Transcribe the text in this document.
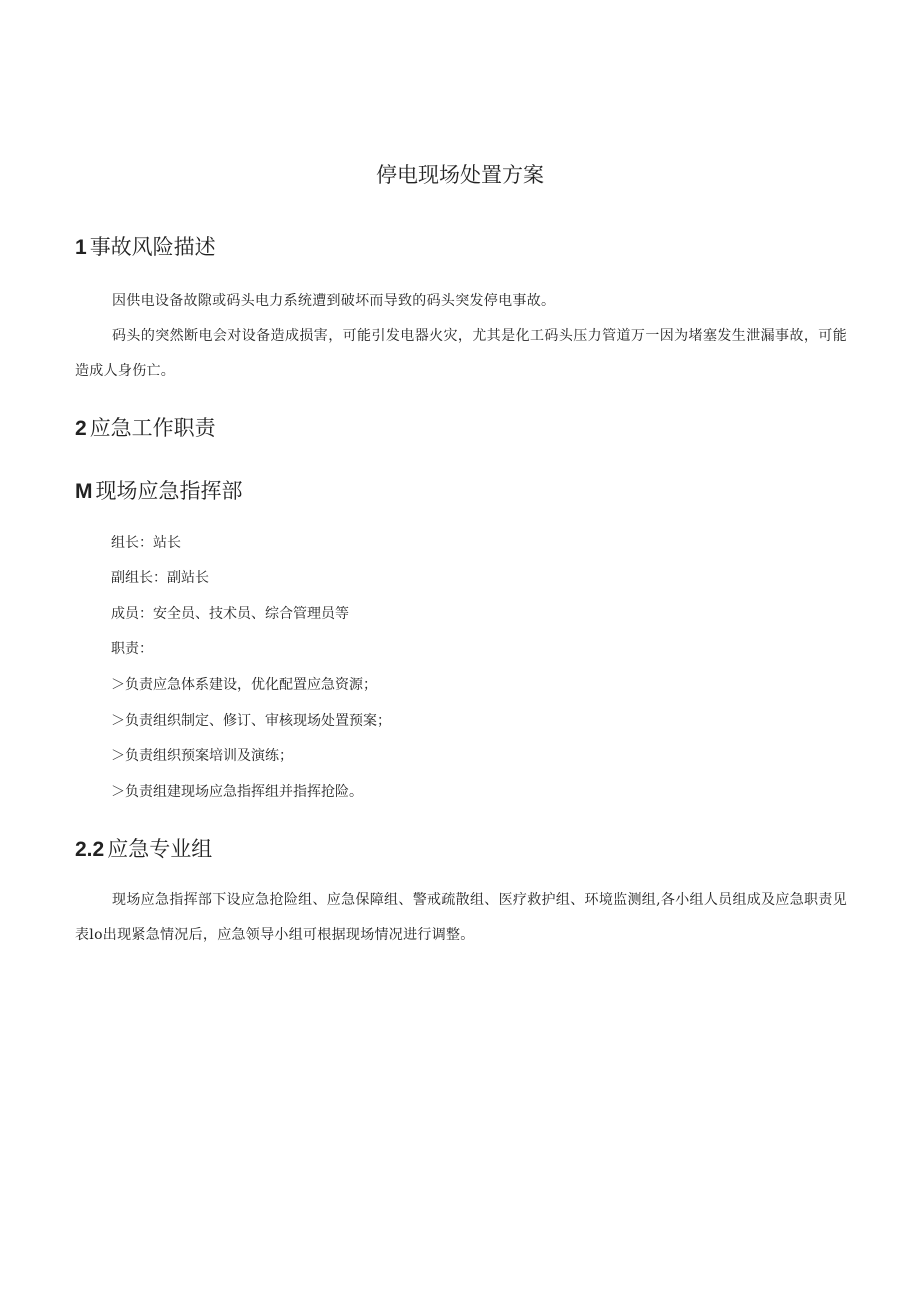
停电现场处置方案
1 事故风险描述

因供电设备故隙或码头电力系统遭到破坏而导致的码头突发停电事故。

码头的突然断电会对设备造成损害，可能引发电器火灾，尤其是化工码头压力管道万一因为堵塞发生泄漏事故，可能造成人身伤亡。

2 应急工作职责
M 现场应急指挥部

组长：站长

副组长：副站长

成员：安全员、技术员、综合管理员等

职责：

＞负责应急体系建设，优化配置应急资源；

＞负责组织制定、修订、审核现场处置预案；

＞负责组织预案培训及演练；

＞负责组建现场应急指挥组并指挥抢险。

2.2 应急专业组

现场应急指挥部下设应急抢险组、应急保障组、警戒疏散组、医疗救护组、环境监测组,各小组人员组成及应急职责见表lo出现紧急情况后，应急领导小组可根据现场情况进行调整。
